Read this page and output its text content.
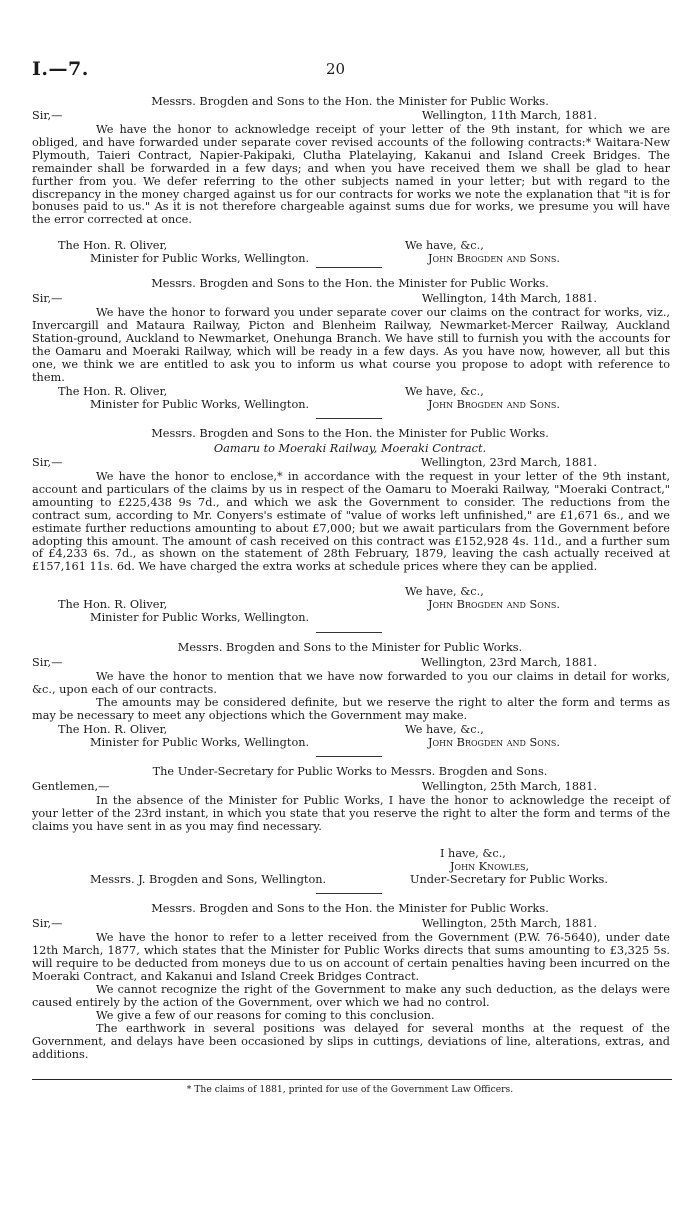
I.—7.	20
Messrs. Brogden and Sons to the Hon. the Minister for Public Works.
Sir,—	Wellington, 11th March, 1881.
We have the honor to acknowledge receipt of your letter of the 9th instant, for which we are obliged, and have forwarded under separate cover revised accounts of the following contracts:* Waitara-New Plymouth, Taieri Contract, Napier-Pakipaki, Clutha Platelaying, Kakanui and Island Creek Bridges. The remainder shall be forwarded in a few days; and when you have received them we shall be glad to hear further from you. We defer referring to the other subjects named in your letter; but with regard to the discrepancy in the money charged against us for our contracts for works we note the explanation that "it is for bonuses paid to us." As it is not therefore chargeable against sums due for works, we presume you will have the error corrected at once.
The Hon. R. Oliver,	We have, &c.,
Minister for Public Works, Wellington.	John Brogden and Sons.
Messrs. Brogden and Sons to the Hon. the Minister for Public Works.
Sir,—	Wellington, 14th March, 1881.
We have the honor to forward you under separate cover our claims on the contract for works, viz., Invercargill and Mataura Railway, Picton and Blenheim Railway, Newmarket-Mercer Railway, Auckland Station-ground, Auckland to Newmarket, Onehunga Branch. We have still to furnish you with the accounts for the Oamaru and Moeraki Railway, which will be ready in a few days. As you have now, however, all but this one, we think we are entitled to ask you to inform us what course you propose to adopt with reference to them.
The Hon. R. Oliver,	We have, &c.,
Minister for Public Works, Wellington.	John Brogden and Sons.
Messrs. Brogden and Sons to the Hon. the Minister for Public Works.
Oamaru to Moeraki Railway, Moeraki Contract.
Sir,—	Wellington, 23rd March, 1881.
We have the honor to enclose,* in accordance with the request in your letter of the 9th instant, account and particulars of the claims by us in respect of the Oamaru to Moeraki Railway, "Moeraki Contract," amounting to £225,438 9s 7d., and which we ask the Government to consider. The reductions from the contract sum, according to Mr. Conyers's estimate of "value of works left unfinished," are £1,671 6s., and we estimate further reductions amounting to about £7,000; but we await particulars from the Government before adopting this amount. The amount of cash received on this contract was £152,928 4s. 11d., and a further sum of £4,233 6s. 7d., as shown on the statement of 28th February, 1879, leaving the cash actually received at £157,161 11s. 6d. We have charged the extra works at schedule prices where they can be applied.
We have, &c.,
The Hon. R. Oliver,	John Brogden and Sons.
Minister for Public Works, Wellington.
Messrs. Brogden and Sons to the Minister for Public Works.
Sir,—	Wellington, 23rd March, 1881.
We have the honor to mention that we have now forwarded to you our claims in detail for works, &c., upon each of our contracts.
The amounts may be considered definite, but we reserve the right to alter the form and terms as may be necessary to meet any objections which the Government may make.
The Hon. R. Oliver,	We have, &c.,
Minister for Public Works, Wellington.	John Brogden and Sons.
The Under-Secretary for Public Works to Messrs. Brogden and Sons.
Gentlemen,—	Wellington, 25th March, 1881.
In the absence of the Minister for Public Works, I have the honor to acknowledge the receipt of your letter of the 23rd instant, in which you state that you reserve the right to alter the form and terms of the claims you have sent in as you may find necessary.
I have, &c.,
John Knowles,
Messrs. J. Brogden and Sons, Wellington.	Under-Secretary for Public Works.
Messrs. Brogden and Sons to the Hon. the Minister for Public Works.
Sir,—	Wellington, 25th March, 1881.
We have the honor to refer to a letter received from the Government (P.W. 76-5640), under date 12th March, 1877, which states that the Minister for Public Works directs that sums amounting to £3,325 5s. will require to be deducted from moneys due to us on account of certain penalties having been incurred on the Moeraki Contract, and Kakanui and Island Creek Bridges Contract.
We cannot recognize the right of the Government to make any such deduction, as the delays were caused entirely by the action of the Government, over which we had no control.
We give a few of our reasons for coming to this conclusion.
The earthwork in several positions was delayed for several months at the request of the Government, and delays have been occasioned by slips in cuttings, deviations of line, alterations, extras, and additions.
* The claims of 1881, printed for use of the Government Law Officers.
